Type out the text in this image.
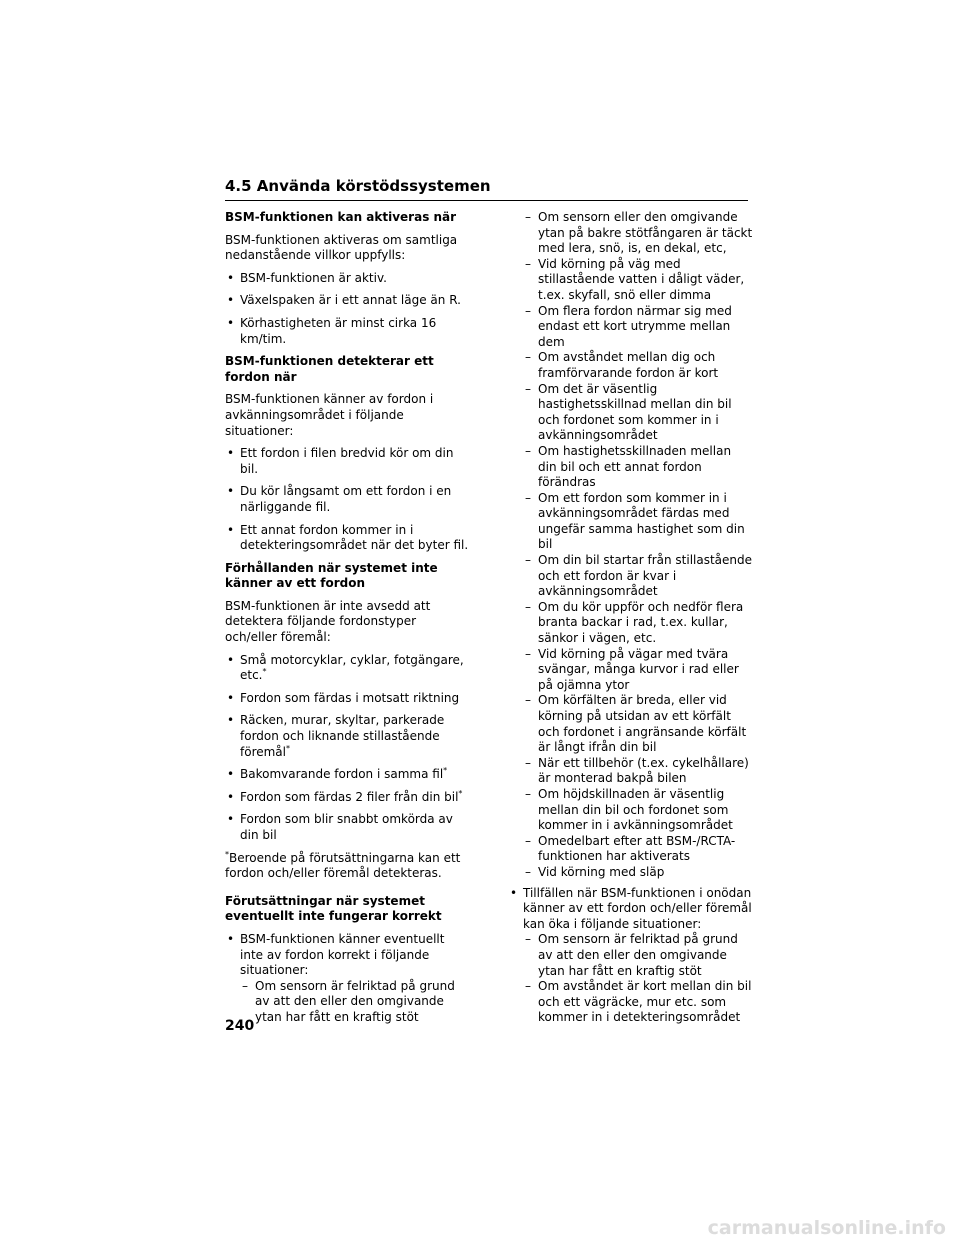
4.5 Använda körstödssystemen
BSM-funktionen kan aktiveras när
BSM-funktionen aktiveras om samtliga nedanstående villkor uppfylls:
• BSM-funktionen är aktiv.
• Växelspaken är i ett annat läge än R.
• Körhastigheten är minst cirka 16 km/tim.
BSM-funktionen detekterar ett fordon när
BSM-funktionen känner av fordon i avkänningsområdet i följande situationer:
• Ett fordon i filen bredvid kör om din bil.
• Du kör långsamt om ett fordon i en närliggande fil.
• Ett annat fordon kommer in i detekteringsområdet när det byter fil.
Förhållanden när systemet inte känner av ett fordon
BSM-funktionen är inte avsedd att detektera följande fordonstyper och/eller föremål:
• Små motorcyklar, cyklar, fotgängare, etc.*
• Fordon som färdas i motsatt riktning
• Räcken, murar, skyltar, parkerade fordon och liknande stillastående föremål*
• Bakomvarande fordon i samma fil*
• Fordon som färdas 2 filer från din bil*
• Fordon som blir snabbt omkörda av din bil
*Beroende på förutsättningarna kan ett fordon och/eller föremål detekteras.
Förutsättningar när systemet eventuellt inte fungerar korrekt
• BSM-funktionen känner eventuellt inte av fordon korrekt i följande situationer:
– Om sensorn är felriktad på grund av att den eller den omgivande ytan har fått en kraftig stöt
– Om sensorn eller den omgivande ytan på bakre stötfångaren är täckt med lera, snö, is, en dekal, etc,
– Vid körning på väg med stillastående vatten i dåligt väder, t.ex. skyfall, snö eller dimma
– Om flera fordon närmar sig med endast ett kort utrymme mellan dem
– Om avståndet mellan dig och framförvarande fordon är kort
– Om det är väsentlig hastighetsskillnad mellan din bil och fordonet som kommer in i avkänningsområdet
– Om hastighetsskillnaden mellan din bil och ett annat fordon förändras
– Om ett fordon som kommer in i avkänningsområdet färdas med ungefär samma hastighet som din bil
– Om din bil startar från stillastående och ett fordon är kvar i avkänningsområdet
– Om du kör uppför och nedför flera branta backar i rad, t.ex. kullar, sänkor i vägen, etc.
– Vid körning på vägar med tvära svängar, många kurvor i rad eller på ojämna ytor
– Om körfälten är breda, eller vid körning på utsidan av ett körfält och fordonet i angränsande körfält är långt ifrån din bil
– När ett tillbehör (t.ex. cykelhållare) är monterad bakpå bilen
– Om höjdskillnaden är väsentlig mellan din bil och fordonet som kommer in i avkänningsområdet
– Omedelbart efter att BSM-/RCTA-funktionen har aktiverats
– Vid körning med släp
• Tillfällen när BSM-funktionen i onödan känner av ett fordon och/eller föremål kan öka i följande situationer:
– Om sensorn är felriktad på grund av att den eller den omgivande ytan har fått en kraftig stöt
– Om avståndet är kort mellan din bil och ett vägräcke, mur etc. som kommer in i detekteringsområdet
240
carmanualsonline.info
